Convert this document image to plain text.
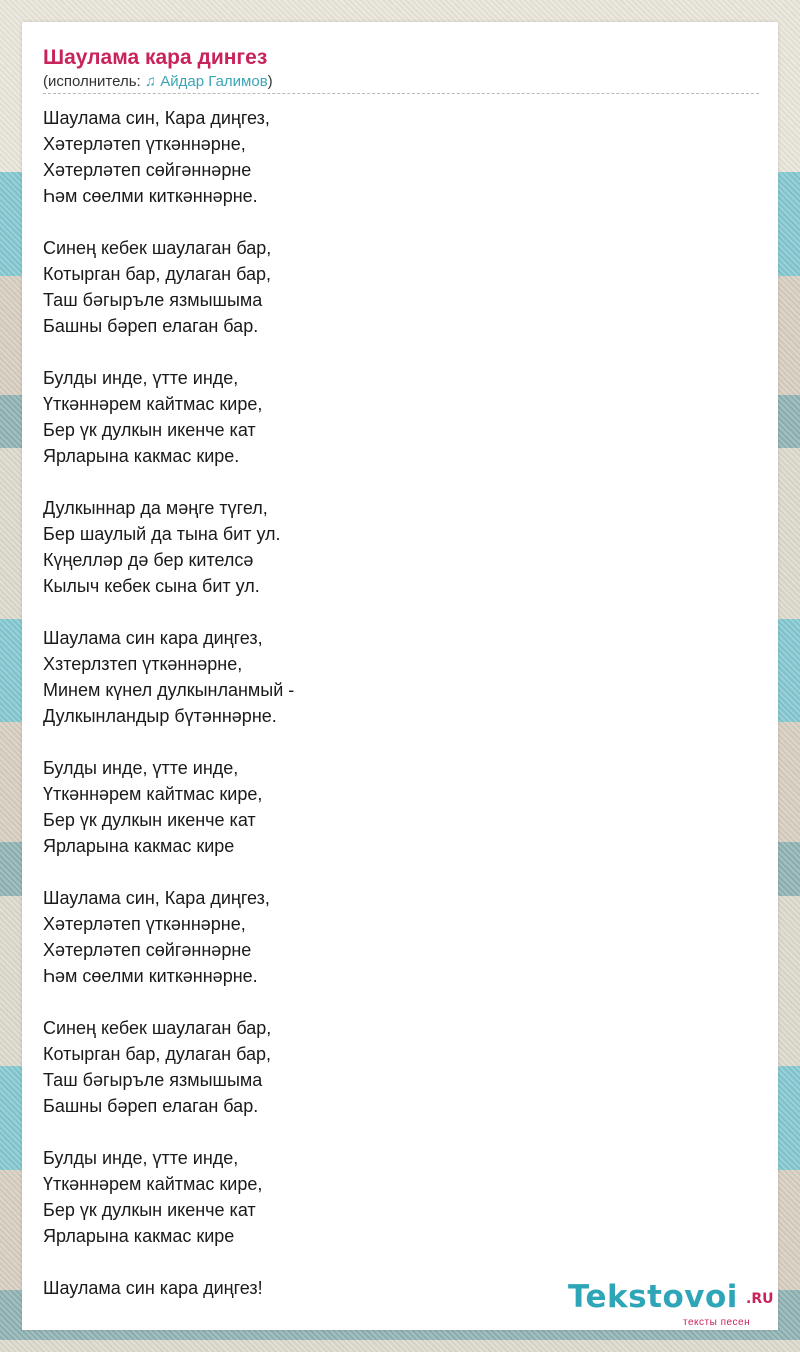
Шаулама кара дингез
(исполнитель: ♫ Айдар Галимов)
Шаулама син, Кара диңгез,
Хәтерләтеп үткәннәрне,
Хәтерләтеп сөйгәннәрне
Һәм сөелми киткәннәрне.
Синең кебек шаулаган бар,
Котырган бар, дулаган бар,
Таш бәгыръле язмышыма
Башны бәреп елаган бар.
Булды инде, үтте инде,
Үткәннәрем кайтмас кире,
Бер үк дулкын икенче кат
Ярларына какмас кире.
Дулкыннар да мәңге түгел,
Бер шаулый да тына бит ул.
Күңелләр дә бер кителсә
Кылыч кебек сына бит ул.
Шаулама син кара диңгез,
Хзтерлзтеп үткәннәрне,
Минем күнел дулкынланмый -
Дулкынландыр бүтәннәрне.
Булды инде, үтте инде,
Үткәннәрем кайтмас кире,
Бер үк дулкын икенче кат
Ярларына какмас кире
Шаулама син, Кара диңгез,
Хәтерләтеп үткәннәрне,
Хәтерләтеп сөйгәннәрне
Һәм сөелми киткәннәрне.
Синең кебек шаулаган бар,
Котырган бар, дулаган бар,
Таш бәгыръле язмышыма
Башны бәреп елаган бар.
Булды инде, үтте инде,
Үткәннәрем кайтмас кире,
Бер үк дулкын икенче кат
Ярларына какмас кире
Шаулама син кара диңгез!	Tekstovoi .RU
тексты песен
